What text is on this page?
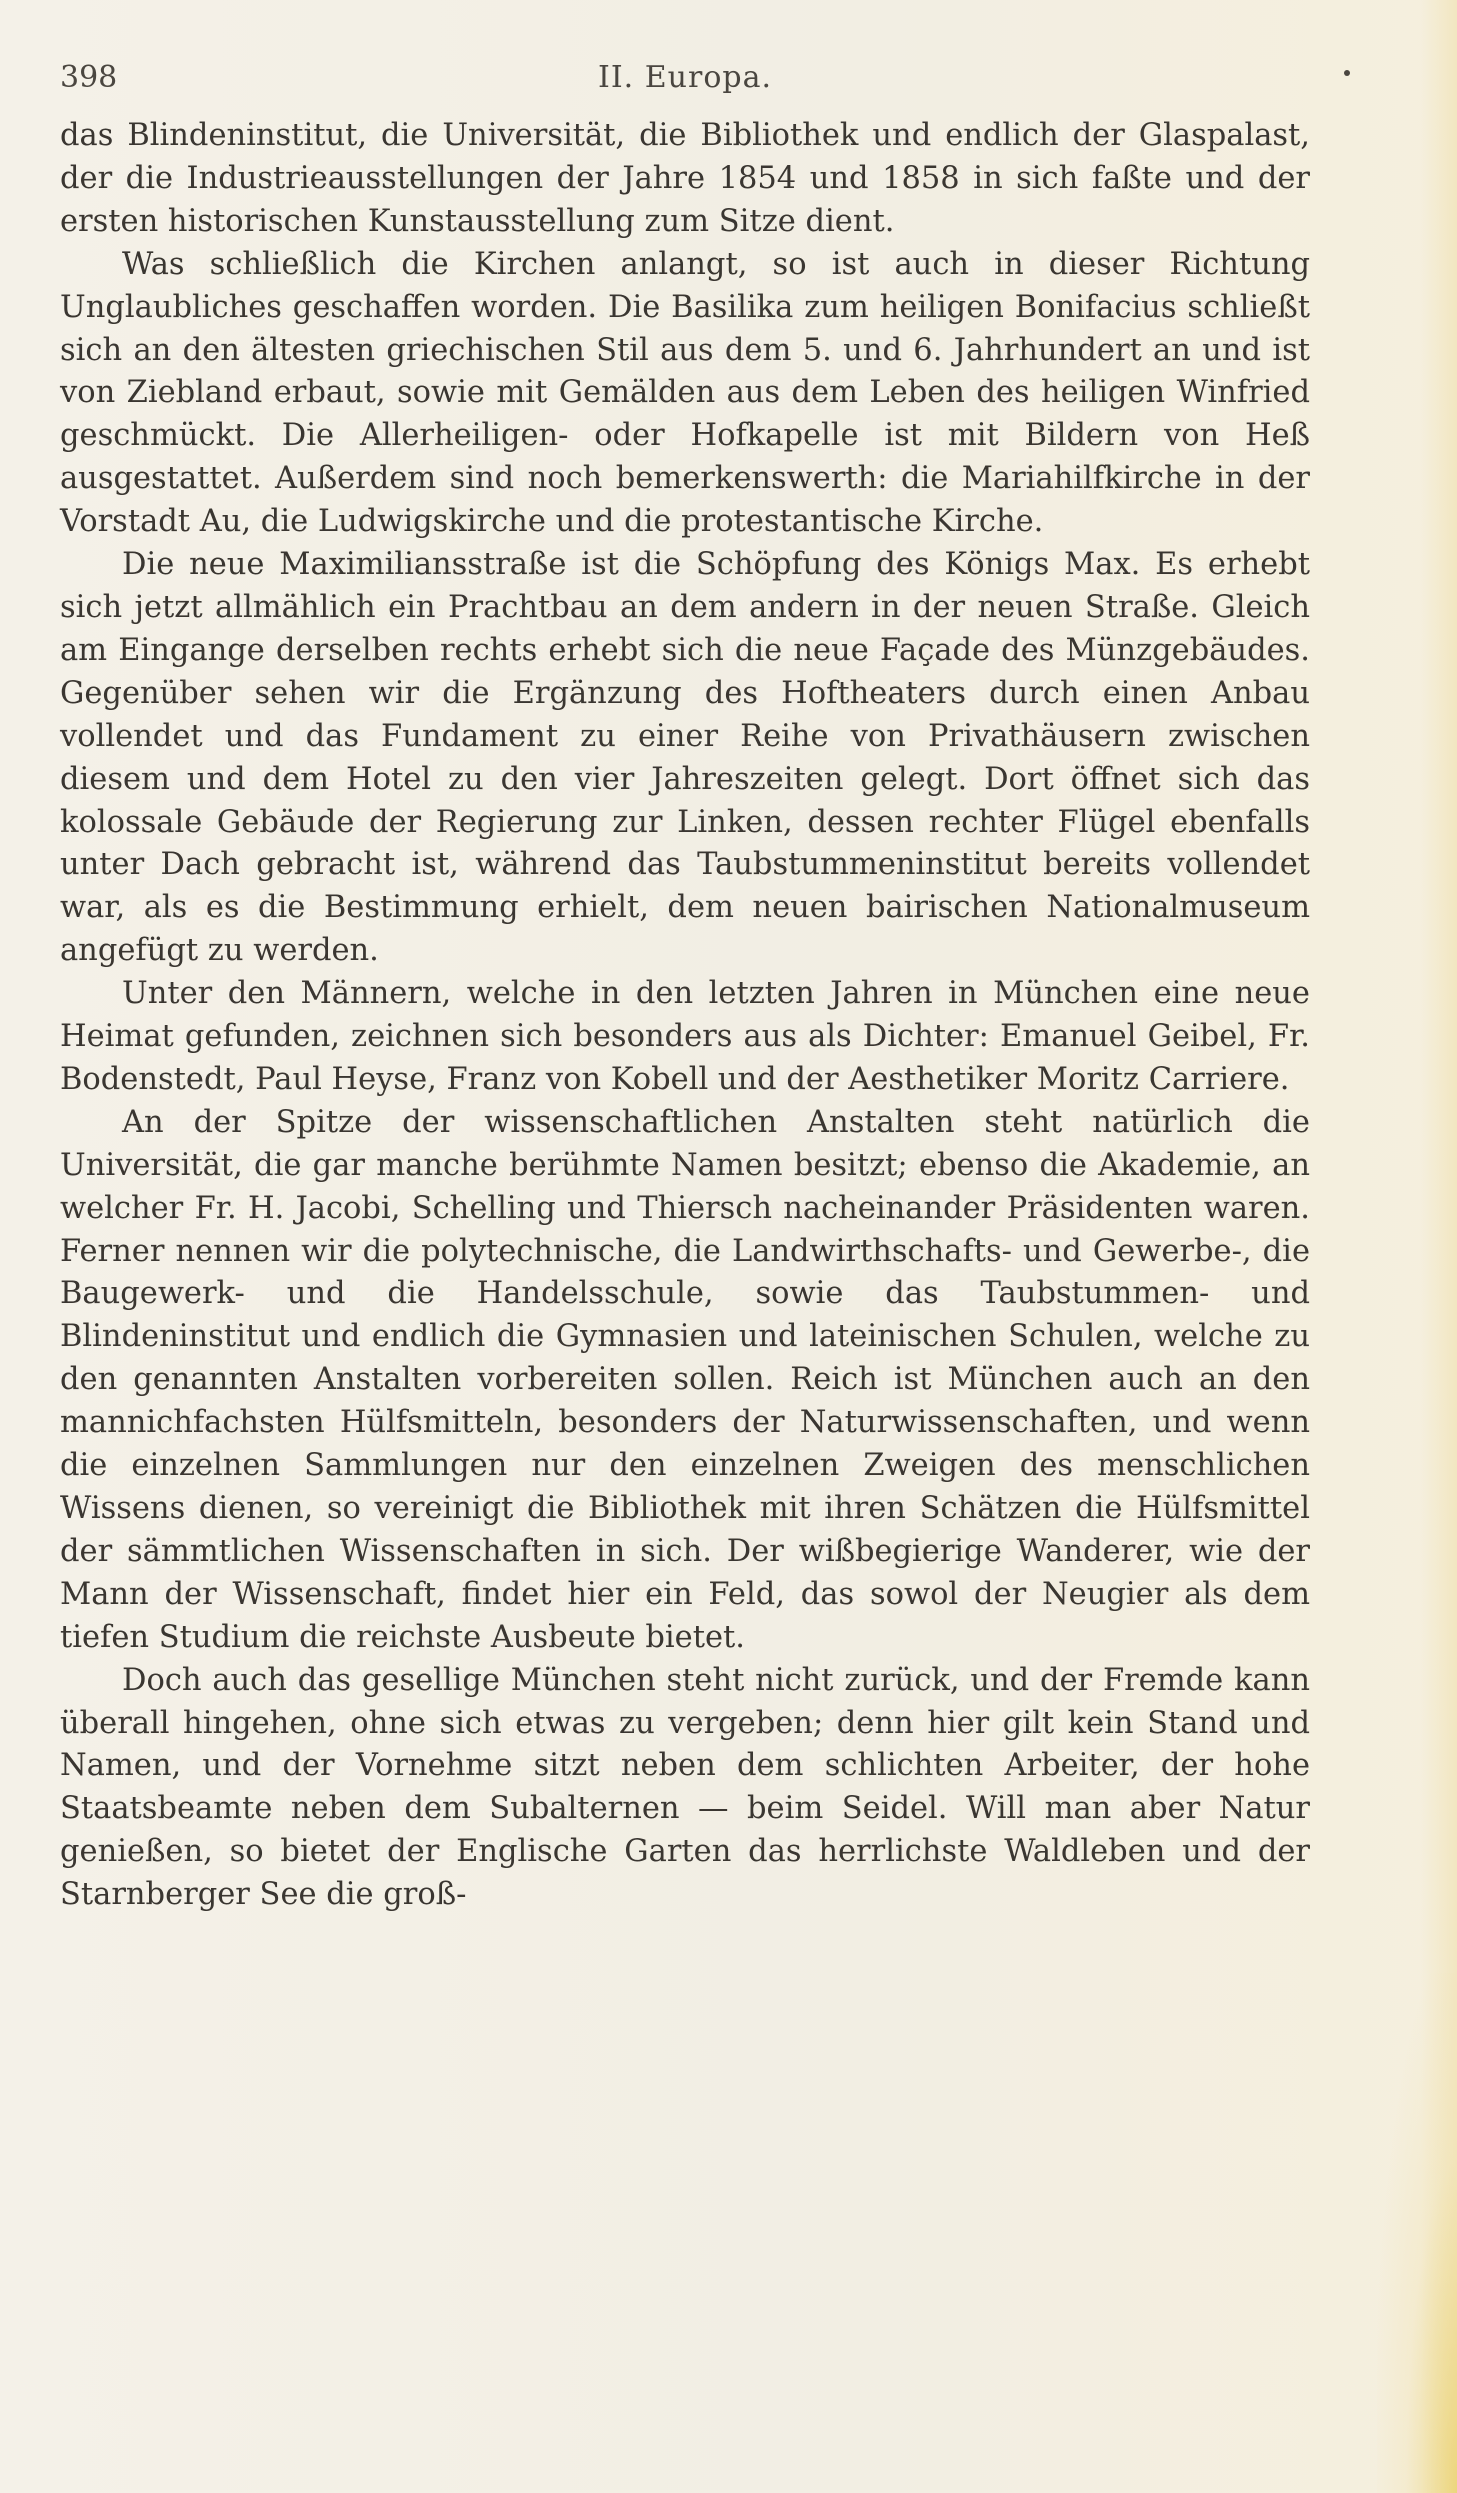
398	II. Europa.

das Blindeninstitut, die Universität, die Bibliothek und endlich der Glaspalast, der die Industrieausstellungen der Jahre 1854 und 1858 in sich faßte und der ersten historischen Kunstausstellung zum Sitze dient.

Was schließlich die Kirchen anlangt, so ist auch in dieser Richtung Unglaubliches geschaffen worden. Die Basilika zum heiligen Bonifacius schließt sich an den ältesten griechischen Stil aus dem 5. und 6. Jahrhundert an und ist von Ziebland erbaut, sowie mit Gemälden aus dem Leben des heiligen Winfried geschmückt. Die Allerheiligen- oder Hofkapelle ist mit Bildern von Heß ausgestattet. Außerdem sind noch bemerkenswerth: die Mariahilfkirche in der Vorstadt Au, die Ludwigskirche und die protestantische Kirche.

Die neue Maximiliansstraße ist die Schöpfung des Königs Max. Es erhebt sich jetzt allmählich ein Prachtbau an dem andern in der neuen Straße. Gleich am Eingange derselben rechts erhebt sich die neue Façade des Münzgebäudes. Gegenüber sehen wir die Ergänzung des Hoftheaters durch einen Anbau vollendet und das Fundament zu einer Reihe von Privathäusern zwischen diesem und dem Hotel zu den vier Jahreszeiten gelegt. Dort öffnet sich das kolossale Gebäude der Regierung zur Linken, dessen rechter Flügel ebenfalls unter Dach gebracht ist, während das Taubstummeninstitut bereits vollendet war, als es die Bestimmung erhielt, dem neuen bairischen Nationalmuseum angefügt zu werden.

Unter den Männern, welche in den letzten Jahren in München eine neue Heimat gefunden, zeichnen sich besonders aus als Dichter: Emanuel Geibel, Fr. Bodenstedt, Paul Heyse, Franz von Kobell und der Aesthetiker Moritz Carriere.

An der Spitze der wissenschaftlichen Anstalten steht natürlich die Universität, die gar manche berühmte Namen besitzt; ebenso die Akademie, an welcher Fr. H. Jacobi, Schelling und Thiersch nacheinander Präsidenten waren. Ferner nennen wir die polytechnische, die Landwirthschafts- und Gewerbe-, die Baugewerk- und die Handelsschule, sowie das Taubstummen- und Blindeninstitut und endlich die Gymnasien und lateinischen Schulen, welche zu den genannten Anstalten vorbereiten sollen. Reich ist München auch an den mannichfachsten Hülfsmitteln, besonders der Naturwissenschaften, und wenn die einzelnen Sammlungen nur den einzelnen Zweigen des menschlichen Wissens dienen, so vereinigt die Bibliothek mit ihren Schätzen die Hülfsmittel der sämmtlichen Wissenschaften in sich. Der wißbegierige Wanderer, wie der Mann der Wissenschaft, findet hier ein Feld, das sowol der Neugier als dem tiefen Studium die reichste Ausbeute bietet.

Doch auch das gesellige München steht nicht zurück, und der Fremde kann überall hingehen, ohne sich etwas zu vergeben; denn hier gilt kein Stand und Namen, und der Vornehme sitzt neben dem schlichten Arbeiter, der hohe Staatsbeamte neben dem Subalternen — beim Seidel. Will man aber Natur genießen, so bietet der Englische Garten das herrlichste Waldleben und der Starnberger See die groß-
